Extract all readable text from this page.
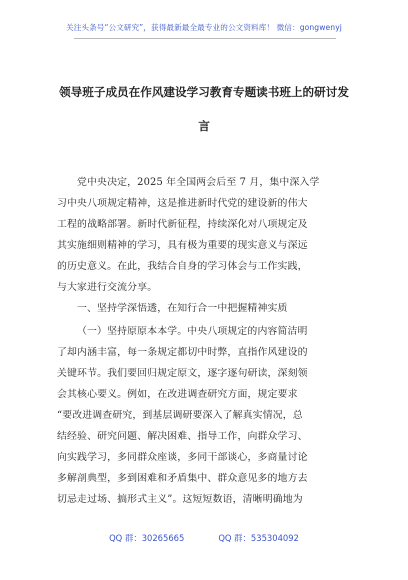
关注头条号“公文研究”，获得最新最全最专业的公文资料库！ 微信：gongwenyj
领导班子成员在作风建设学习教育专题读书班上的研讨发
言
党中央决定，2025 年全国两会后至 7 月，集中深入学
习中央八项规定精神，这是推进新时代党的建设新的伟大
工程的战略部署。新时代新征程，持续深化对八项规定及
其实施细则精神的学习，具有极为重要的现实意义与深远
的历史意义。在此，我结合自身的学习体会与工作实践，
与大家进行交流分享。
一、坚持学深悟透，在知行合一中把握精神实质
（一）坚持原原本本学。中央八项规定的内容简洁明
了却内涵丰富，每一条规定都切中时弊，直指作风建设的
关键环节。我们要回归规定原文，逐字逐句研读，深刻领
会其核心要义。例如，在改进调查研究方面，规定要求
“要改进调查研究，到基层调研要深入了解真实情况，总
结经验、研究问题、解决困难、指导工作，向群众学习、
向实践学习，多同群众座谈，多同干部谈心，多商量讨论
多解剖典型，多到困难和矛盾集中、群众意见多的地方去
切忌走过场、搞形式主义”。这短短数语，清晰明确地为
QQ 群：30265665	QQ 群：535304092
